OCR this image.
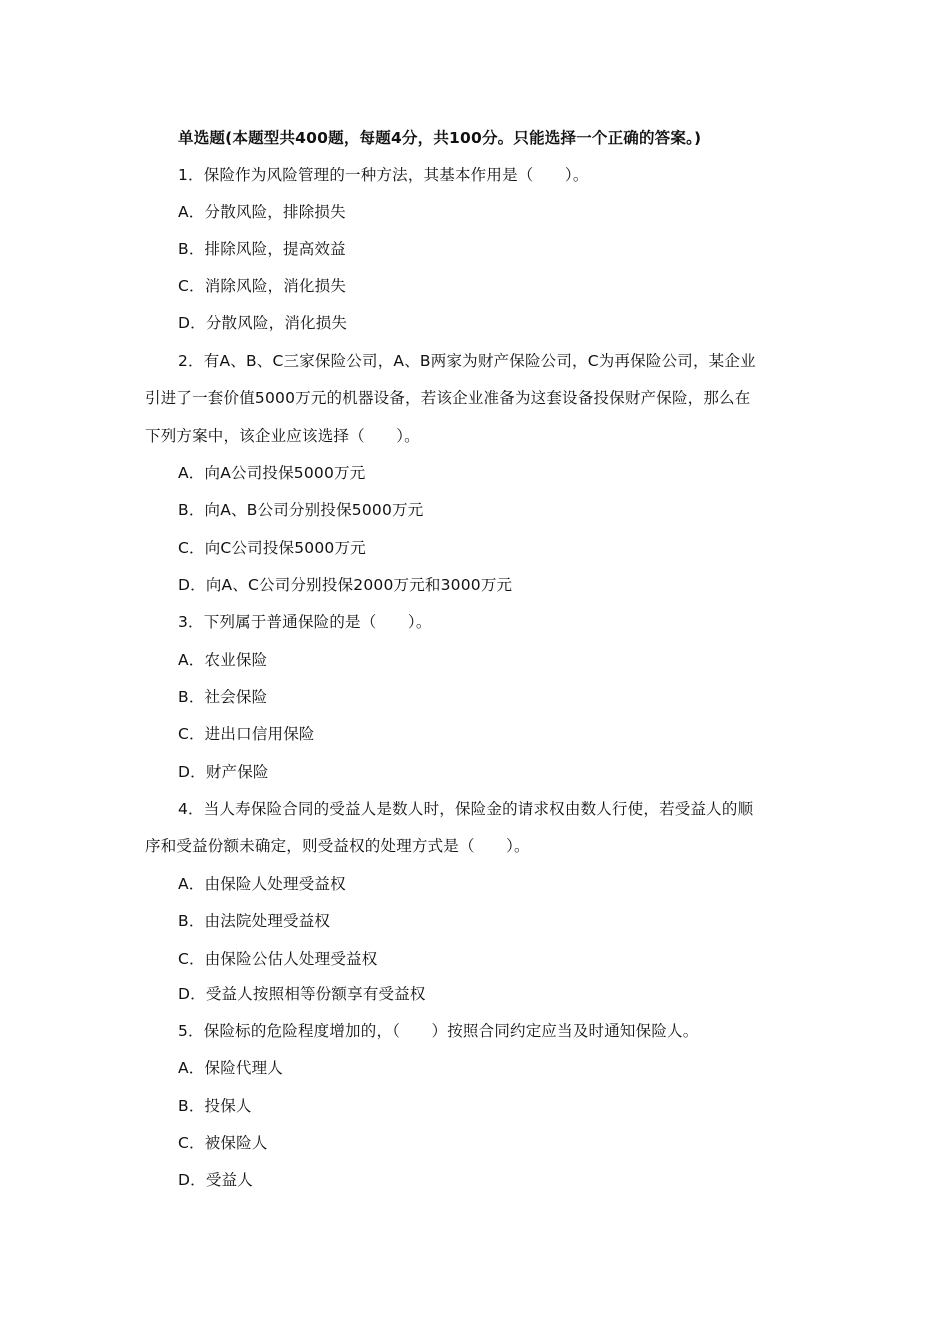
单选题(本题型共400题，每题4分，共100分。只能选择一个正确的答案。)
1．保险作为风险管理的一种方法，其基本作用是（　　）。
A．分散风险，排除损失
B．排除风险，提高效益
C．消除风险，消化损失
D．分散风险，消化损失
2．有A、B、C三家保险公司，A、B两家为财产保险公司，C为再保险公司，某企业
引进了一套价值5000万元的机器设备，若该企业准备为这套设备投保财产保险，那么在
下列方案中，该企业应该选择（　　）。
A．向A公司投保5000万元
B．向A、B公司分别投保5000万元
C．向C公司投保5000万元
D．向A、C公司分别投保2000万元和3000万元
3．下列属于普通保险的是（　　）。
A．农业保险
B．社会保险
C．进出口信用保险
D．财产保险
4．当人寿保险合同的受益人是数人时，保险金的请求权由数人行使，若受益人的顺
序和受益份额未确定，则受益权的处理方式是（　　）。
A．由保险人处理受益权
B．由法院处理受益权
C．由保险公估人处理受益权
D．受益人按照相等份额享有受益权
5．保险标的危险程度增加的，（　　）按照合同约定应当及时通知保险人。
A．保险代理人
B．投保人
C．被保险人
D．受益人
